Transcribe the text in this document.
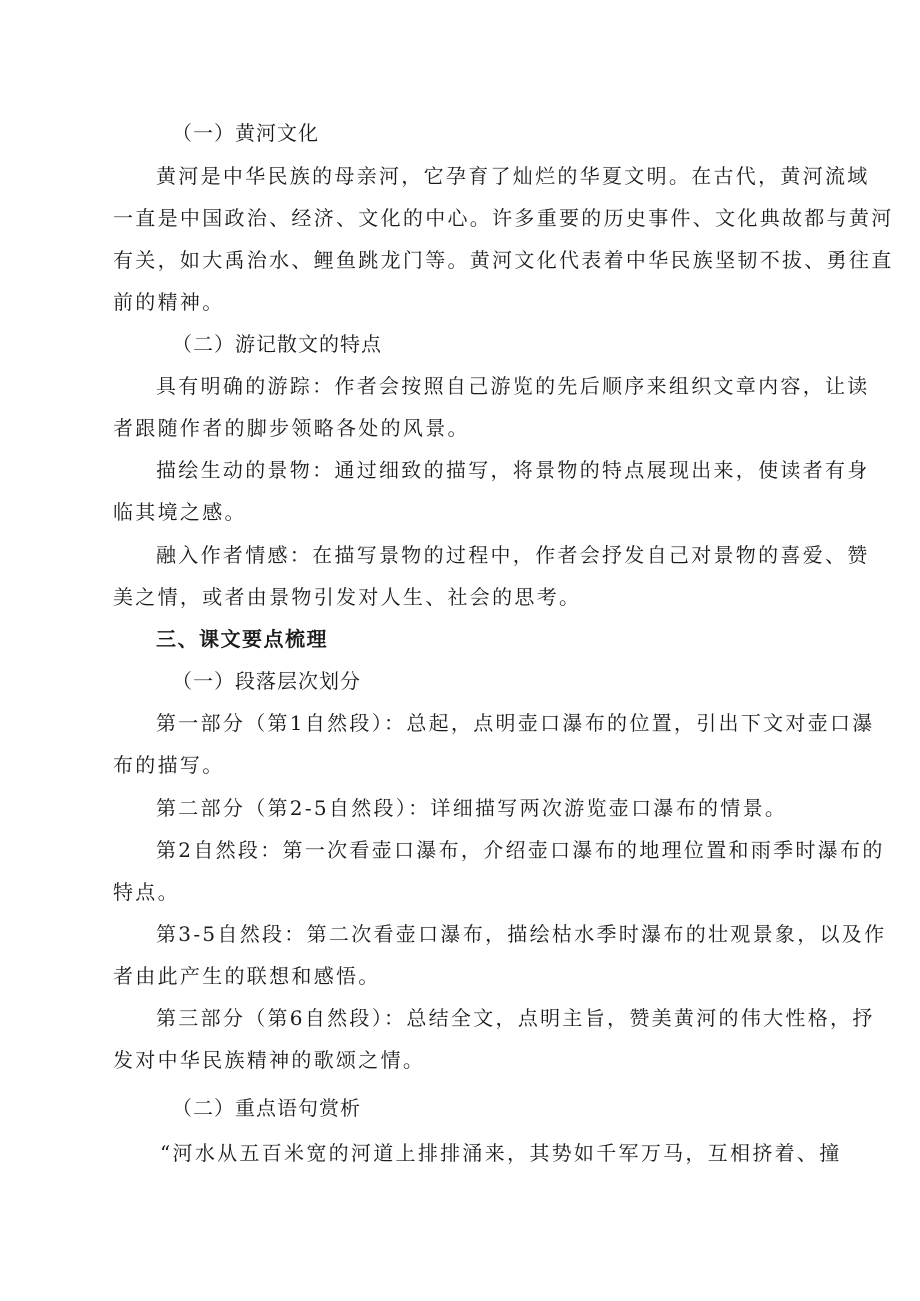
（一）黄河文化
黄河是中华民族的母亲河，它孕育了灿烂的华夏文明。在古代，黄河流域
一直是中国政治、经济、文化的中心。许多重要的历史事件、文化典故都与黄河
有关，如大禹治水、鲤鱼跳龙门等。黄河文化代表着中华民族坚韧不拔、勇往直
前的精神。
（二）游记散文的特点
具有明确的游踪：作者会按照自己游览的先后顺序来组织文章内容，让读
者跟随作者的脚步领略各处的风景。
描绘生动的景物：通过细致的描写，将景物的特点展现出来，使读者有身
临其境之感。
融入作者情感：在描写景物的过程中，作者会抒发自己对景物的喜爱、赞
美之情，或者由景物引发对人生、社会的思考。
三、课文要点梳理
（一）段落层次划分
第一部分（第1自然段）：总起，点明壶口瀑布的位置，引出下文对壶口瀑
布的描写。
第二部分（第2-5自然段）：详细描写两次游览壶口瀑布的情景。
第2自然段：第一次看壶口瀑布，介绍壶口瀑布的地理位置和雨季时瀑布的
特点。
第3-5自然段：第二次看壶口瀑布，描绘枯水季时瀑布的壮观景象，以及作
者由此产生的联想和感悟。
第三部分（第6自然段）：总结全文，点明主旨，赞美黄河的伟大性格，抒
发对中华民族精神的歌颂之情。
（二）重点语句赏析
“河水从五百米宽的河道上排排涌来，其势如千军万马，互相挤着、撞
